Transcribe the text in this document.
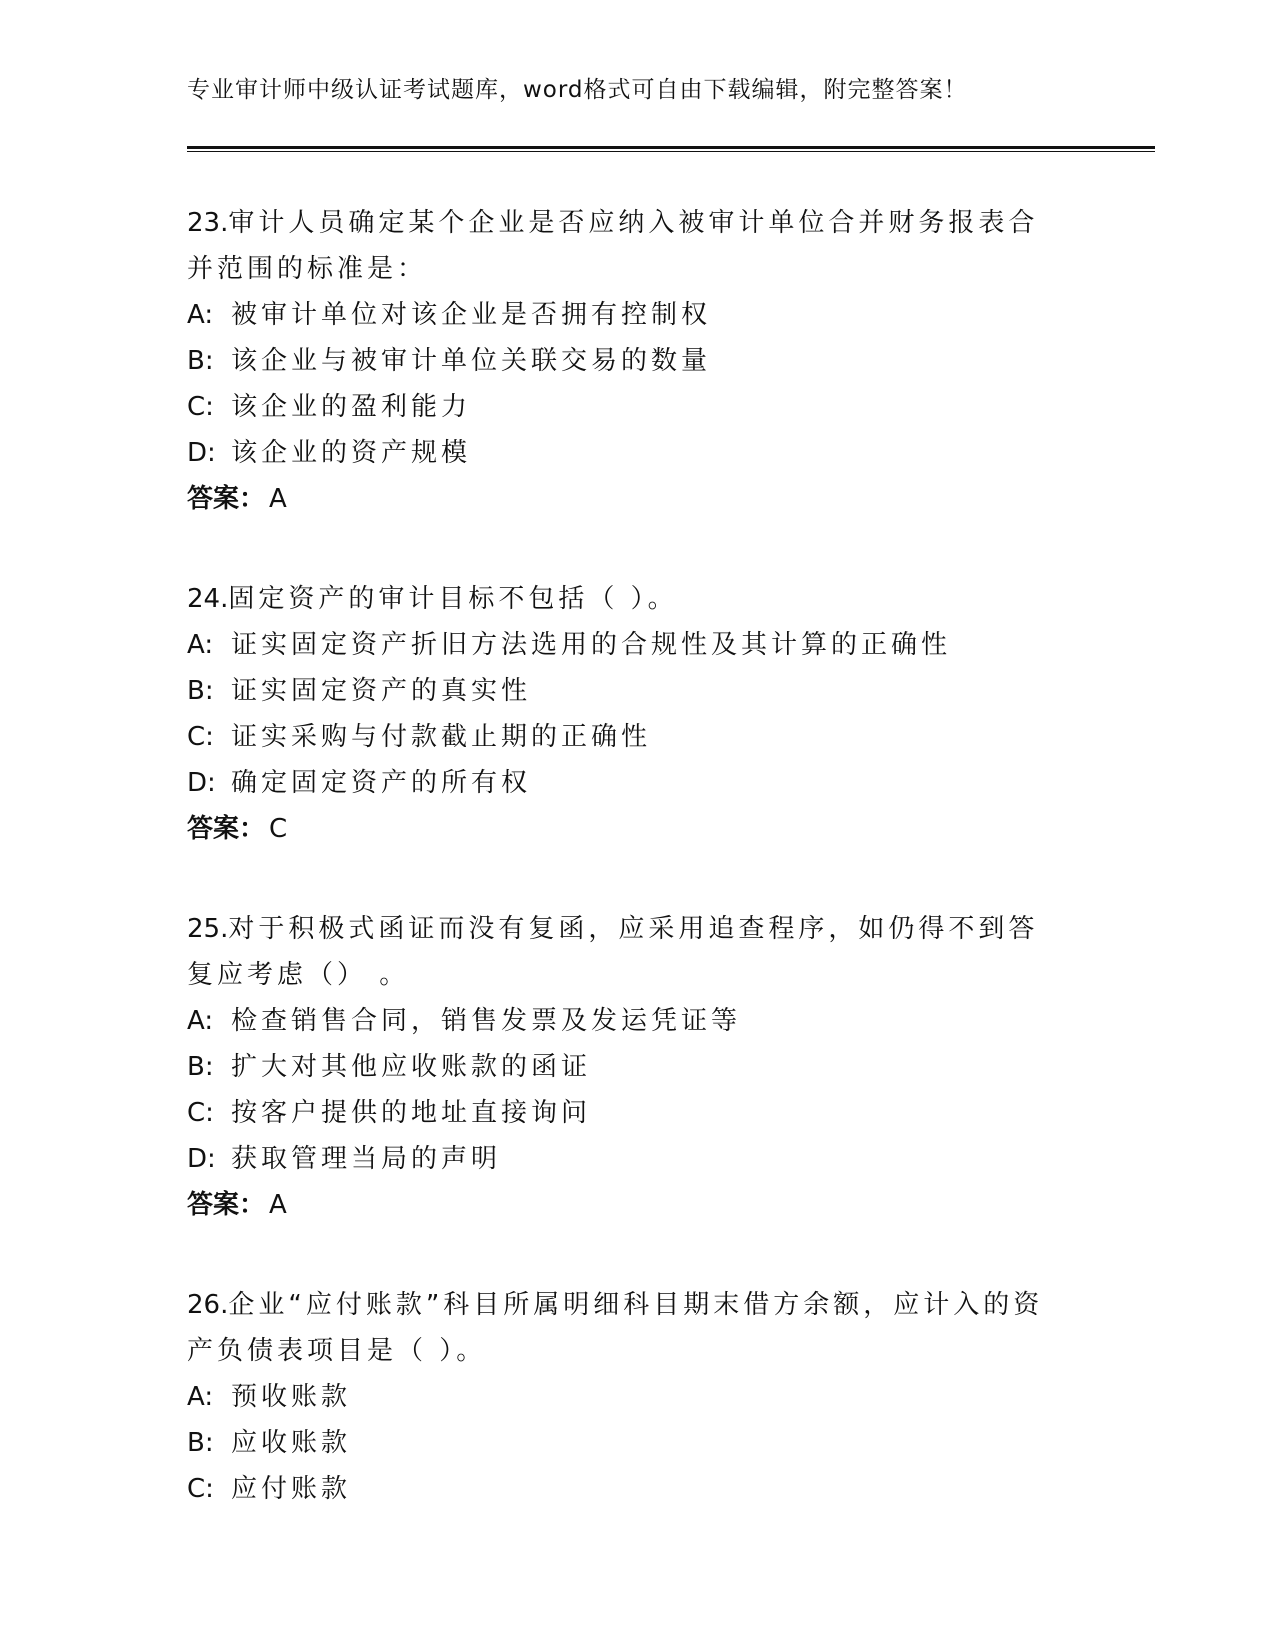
专业审计师中级认证考试题库，word格式可自由下载编辑，附完整答案！
23.审计人员确定某个企业是否应纳入被审计单位合并财务报表合并范围的标准是：
A: 被审计单位对该企业是否拥有控制权
B: 该企业与被审计单位关联交易的数量
C: 该企业的盈利能力
D: 该企业的资产规模
答案： A
24.固定资产的审计目标不包括（ ）。
A: 证实固定资产折旧方法选用的合规性及其计算的正确性
B: 证实固定资产的真实性
C: 证实采购与付款截止期的正确性
D: 确定固定资产的所有权
答案： C
25.对于积极式函证而没有复函，应采用追查程序，如仍得不到答复应考虑（） 。
A: 检查销售合同，销售发票及发运凭证等
B: 扩大对其他应收账款的函证
C: 按客户提供的地址直接询问
D: 获取管理当局的声明
答案： A
26.企业“应付账款”科目所属明细科目期末借方余额，应计入的资产负债表项目是（ ）。
A: 预收账款
B: 应收账款
C: 应付账款
